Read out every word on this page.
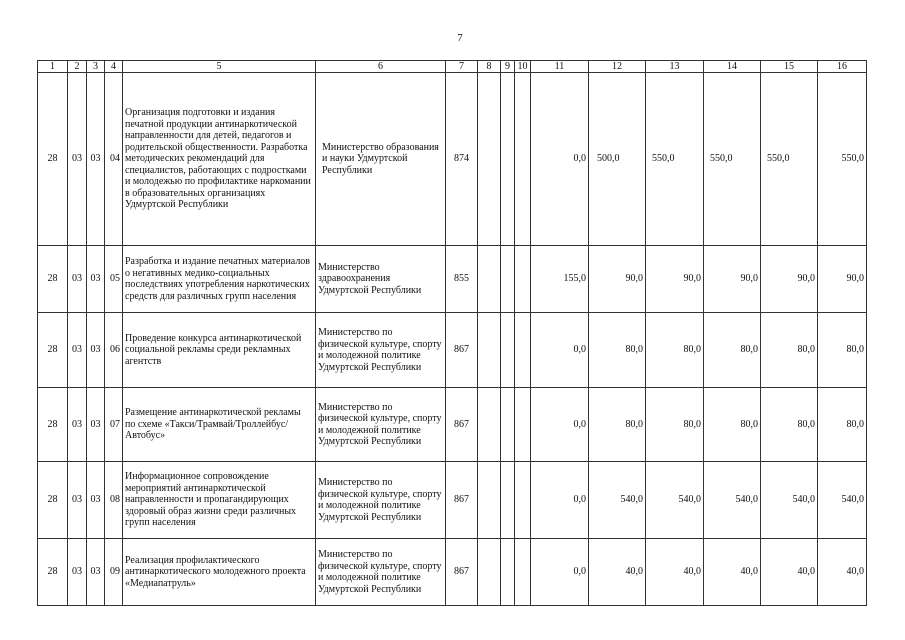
7
1	2	3	4	5	6	7	8	9	10	11	12	13	14	15	16
28	03	03	04	Организация подготовки и издания печатной продукции антинаркотической направленности для детей, педагогов и родительской общественности. Разработка методических рекомендаций для специалистов, работающих с подростками и молодежью по профилактике наркомании в образовательных организациях Удмуртской Республики	Министерство образования и науки Удмуртской Республики	874				0,0	500,0	550,0	550,0	550,0	550,0
28	03	03	05	Разработка и издание печатных материалов о негативных медико-социальных последствиях употребления наркотических средств для различных групп населения	Министерство здравоохранения Удмуртской Республики	855				155,0	90,0	90,0	90,0	90,0	90,0
28	03	03	06	Проведение конкурса антинаркотической социальной рекламы среди рекламных агентств	Министерство по физической культуре, спорту и молодежной политике Удмуртской Республики	867				0,0	80,0	80,0	80,0	80,0	80,0
28	03	03	07	Размещение антинаркотической рекламы по схеме «Такси/Трамвай/Троллейбус/ Автобус»	Министерство по физической культуре, спорту и молодежной политике Удмуртской Республики	867				0,0	80,0	80,0	80,0	80,0	80,0
28	03	03	08	Информационное сопровождение мероприятий антинаркотической направленности и пропагандирующих здоровый образ жизни среди различных групп населения	Министерство по физической культуре, спорту и молодежной политике Удмуртской Республики	867				0,0	540,0	540,0	540,0	540,0	540,0
28	03	03	09	Реализация профилактического антинаркотического молодежного проекта «Медиапатруль»	Министерство по физической культуре, спорту и молодежной политике Удмуртской Республики	867				0,0	40,0	40,0	40,0	40,0	40,0
